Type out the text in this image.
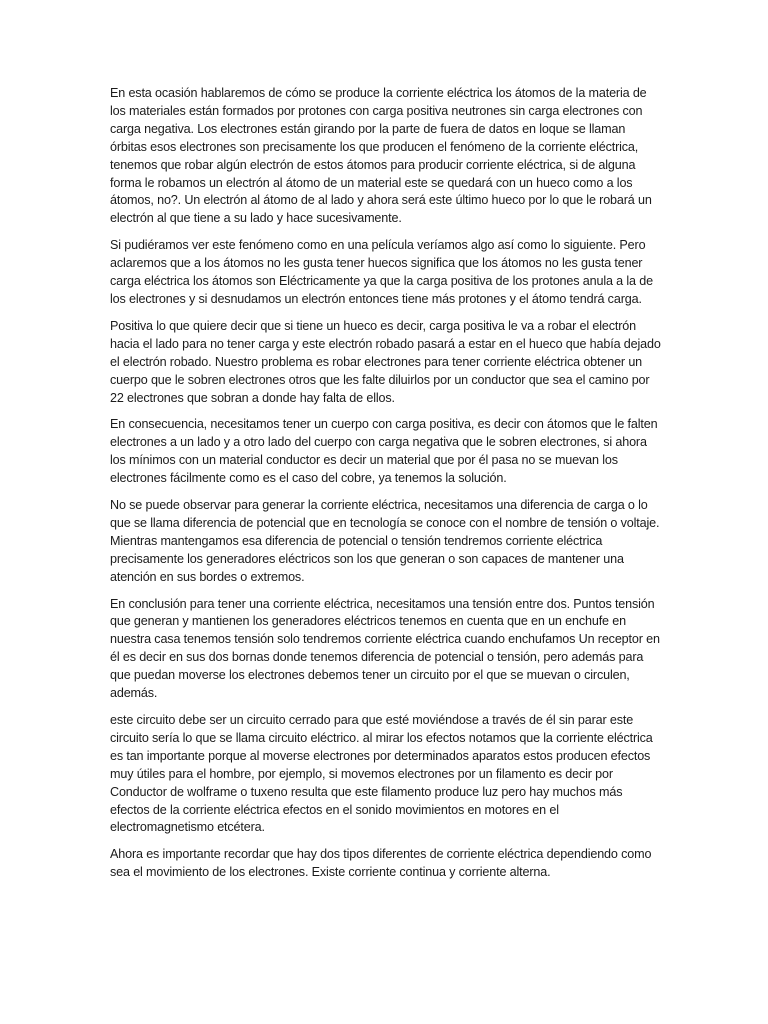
En esta ocasión hablaremos de cómo se produce la corriente eléctrica los átomos de la materia de los materiales están formados por protones con carga positiva neutrones sin carga electrones con carga negativa. Los electrones están girando por la parte de fuera de datos en loque se llaman órbitas esos electrones son precisamente los que producen el fenómeno de la corriente eléctrica, tenemos que robar algún electrón de estos átomos para producir corriente eléctrica, si de alguna forma le robamos un electrón al átomo de un material este se quedará con un hueco como a los átomos, no?. Un electrón al átomo de al lado y ahora será este último hueco por lo que le robará un electrón al que tiene a su lado y hace sucesivamente.

Si pudiéramos ver este fenómeno como en una película veríamos algo así como lo siguiente. Pero aclaremos que a los átomos no les gusta tener huecos significa que los átomos no les gusta tener carga eléctrica los átomos son Eléctricamente ya que la carga positiva de los protones anula a la de los electrones y si desnudamos un electrón entonces tiene más protones y el átomo tendrá carga.

Positiva lo que quiere decir que si tiene un hueco es decir, carga positiva le va a robar el electrón hacia el lado para no tener carga y este electrón robado pasará a estar en el hueco que había dejado el electrón robado. Nuestro problema es robar electrones para tener corriente eléctrica obtener un cuerpo que le sobren electrones otros que les falte diluirlos por un conductor que sea el camino por 22 electrones que sobran a donde hay falta de ellos.

En consecuencia, necesitamos tener un cuerpo con carga positiva, es decir con átomos que le falten electrones a un lado y a otro lado del cuerpo con carga negativa que le sobren electrones, si ahora los mínimos con un material conductor es decir un material que por él pasa no se muevan los electrones fácilmente como es el caso del cobre, ya tenemos la solución.

No se puede observar para generar la corriente eléctrica, necesitamos una diferencia de carga o lo que se llama diferencia de potencial que en tecnología se conoce con el nombre de tensión o voltaje. Mientras mantengamos esa diferencia de potencial o tensión tendremos corriente eléctrica precisamente los generadores eléctricos son los que generan o son capaces de mantener una atención en sus bordes o extremos.

En conclusión para tener una corriente eléctrica, necesitamos una tensión entre dos. Puntos tensión que generan y mantienen los generadores eléctricos tenemos en cuenta que en un enchufe en nuestra casa tenemos tensión solo tendremos corriente eléctrica cuando enchufamos Un receptor en él es decir en sus dos bornas donde tenemos diferencia de potencial o tensión, pero además para que puedan moverse los electrones debemos tener un circuito por el que se muevan o circulen, además.

este circuito debe ser un circuito cerrado para que esté moviéndose a través de él sin parar este circuito sería lo que se llama circuito eléctrico. al mirar los efectos notamos que la corriente eléctrica es tan importante porque al moverse electrones por determinados aparatos estos producen efectos muy útiles para el hombre, por ejemplo, si movemos electrones por un filamento es decir por Conductor de wolframe o tuxeno resulta que este filamento produce luz pero hay muchos más efectos de la corriente eléctrica efectos en el sonido movimientos en motores en el electromagnetismo etcétera.

Ahora es importante recordar que hay dos tipos diferentes de corriente eléctrica dependiendo como sea el movimiento de los electrones. Existe corriente continua y corriente alterna.
